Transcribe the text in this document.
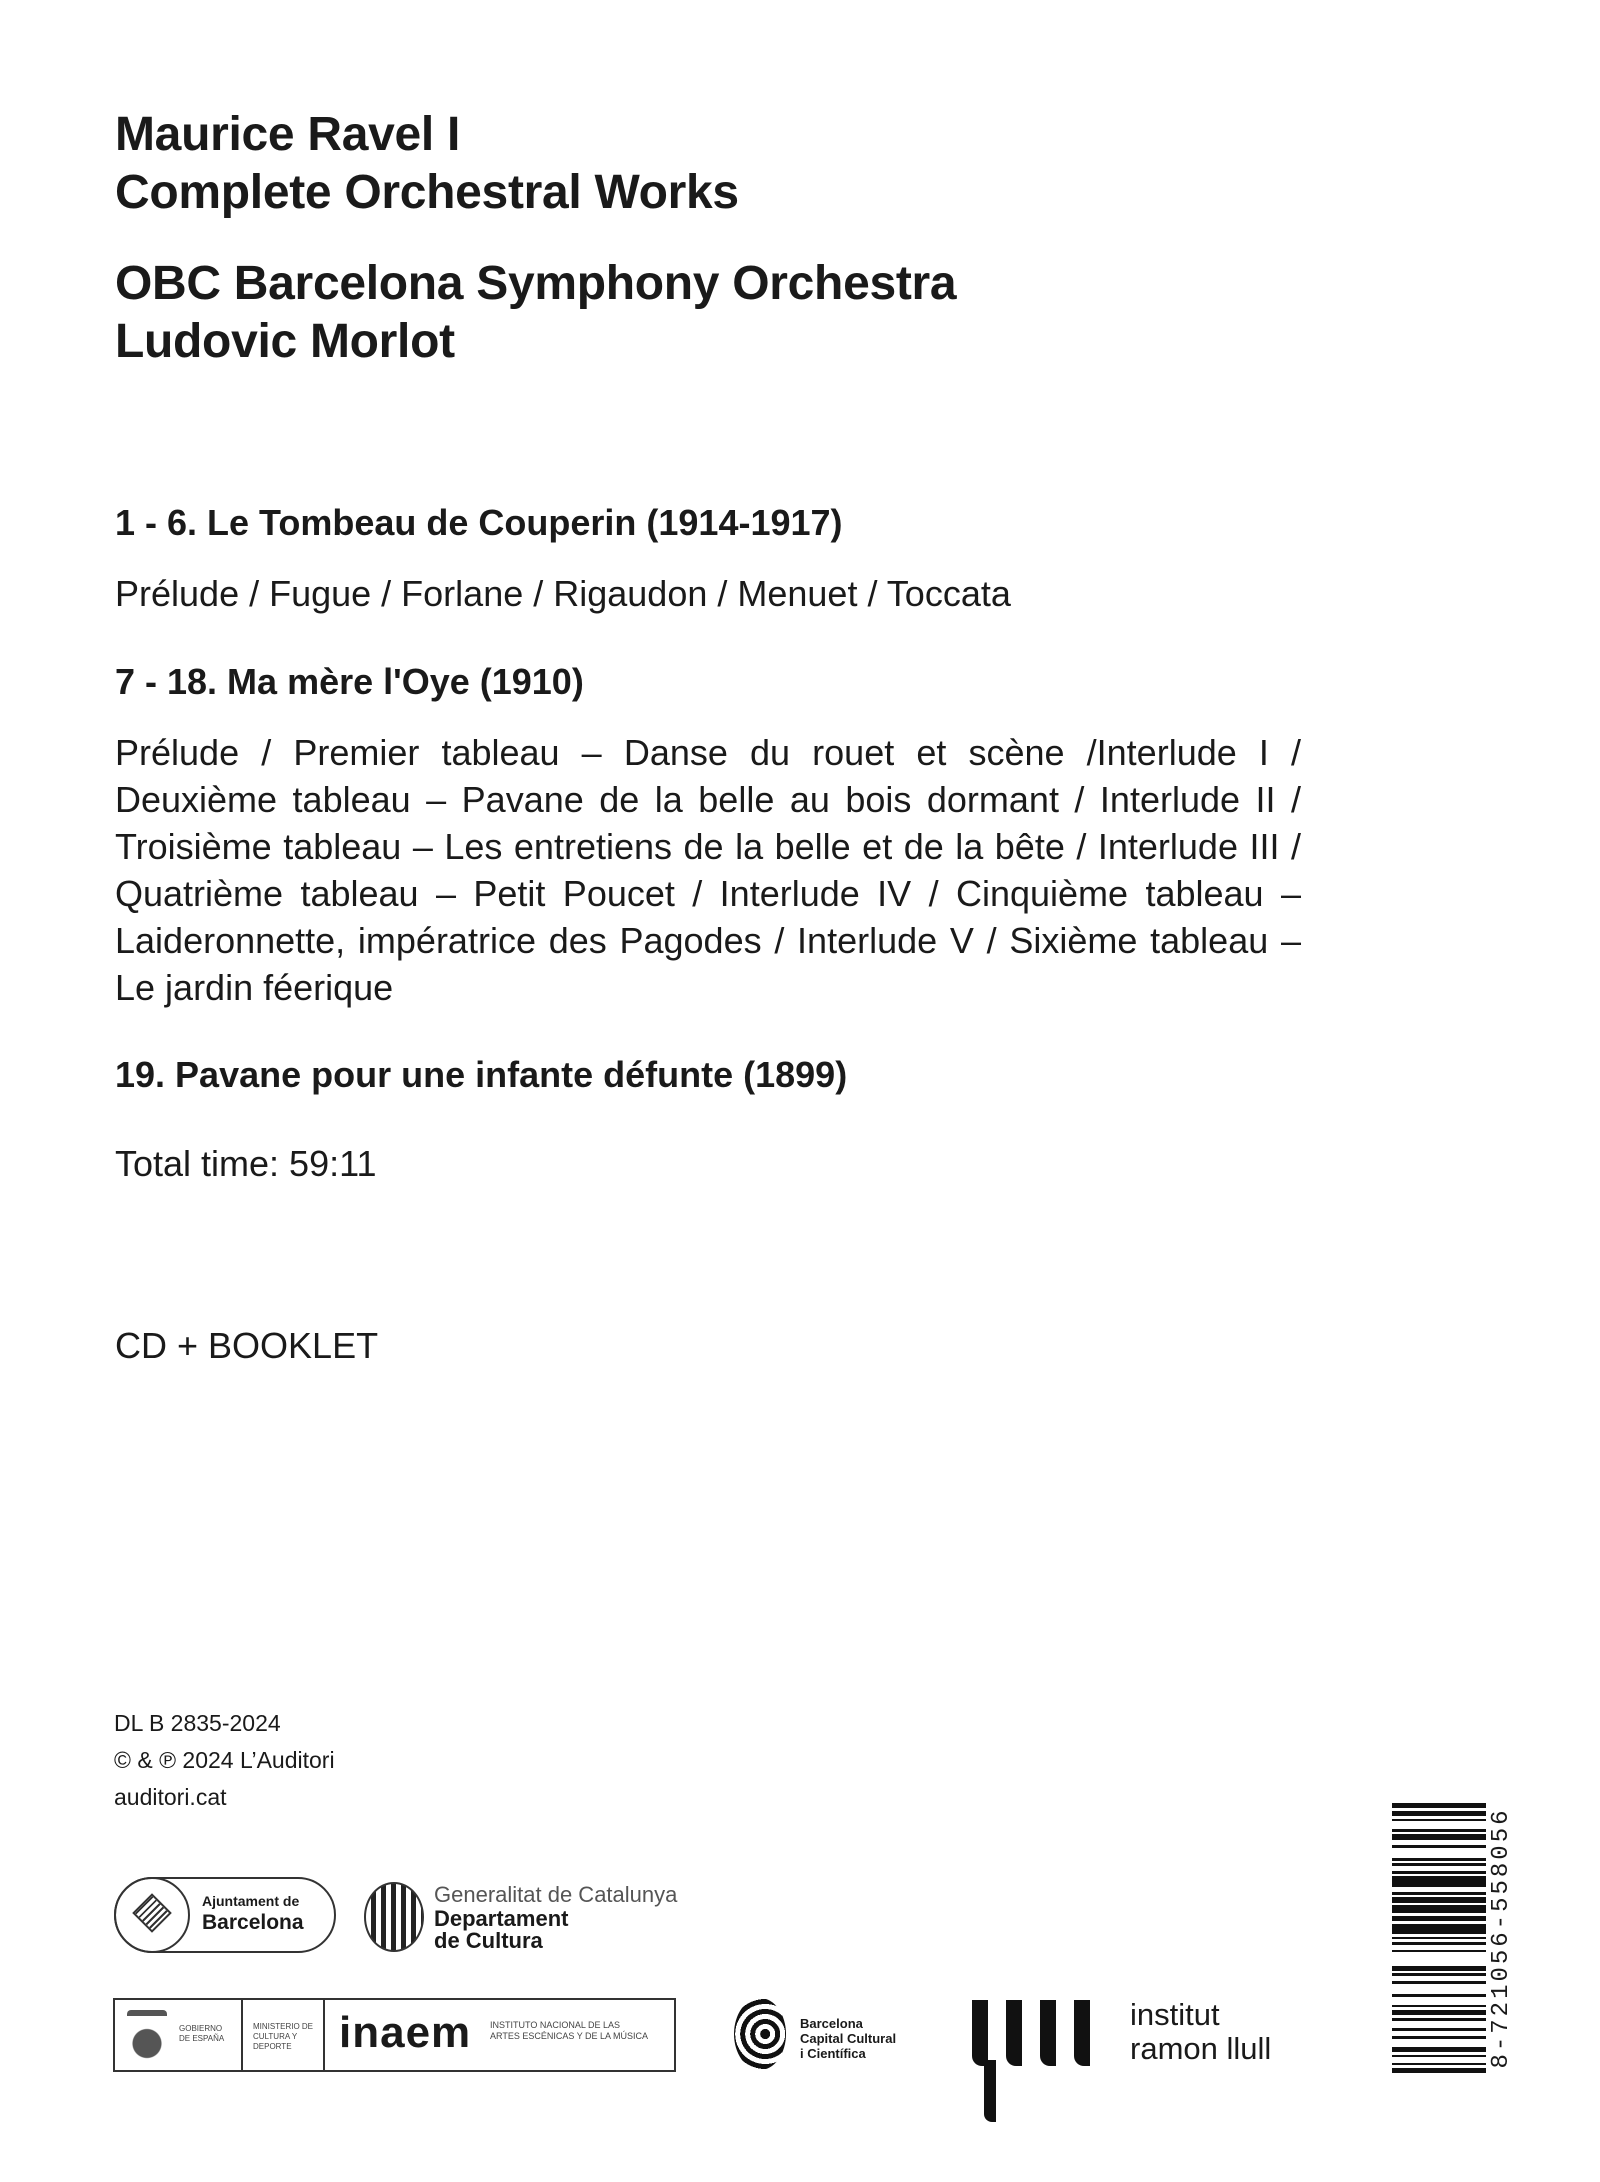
Maurice Ravel I
Complete Orchestral Works
OBC Barcelona Symphony Orchestra
Ludovic Morlot
1 - 6. Le Tombeau de Couperin (1914-1917)
Prélude / Fugue / Forlane / Rigaudon / Menuet / Toccata
7 - 18. Ma mère l'Oye (1910)
Prélude / Premier tableau – Danse du rouet et scène /Interlude I / Deuxième tableau – Pavane de la belle au bois dormant / Interlude II / Troisième tableau – Les entretiens de la belle et de la bête / Interlude III / Quatrième tableau – Petit Poucet / Interlude IV / Cinquième tableau – Laideronnette, impératrice des Pagodes / Interlude V / Sixième tableau – Le jardin féerique
19. Pavane pour une infante défunte (1899)
Total time: 59:11
CD + BOOKLET
DL B 2835-2024
© & ℗ 2024 L’Auditori
auditori.cat
Ajuntament de
Barcelona
Generalitat de Catalunya
Departament
de Cultura
GOBIERNO DE ESPAÑA
MINISTERIO DE CULTURA Y DEPORTE	inaem INSTITUTO NACIONAL DE LAS ARTES ESCÉNICAS Y DE LA MÚSICA
Barcelona
Capital Cultural
i Científica
institut
ramon llull	8-721056-558056
